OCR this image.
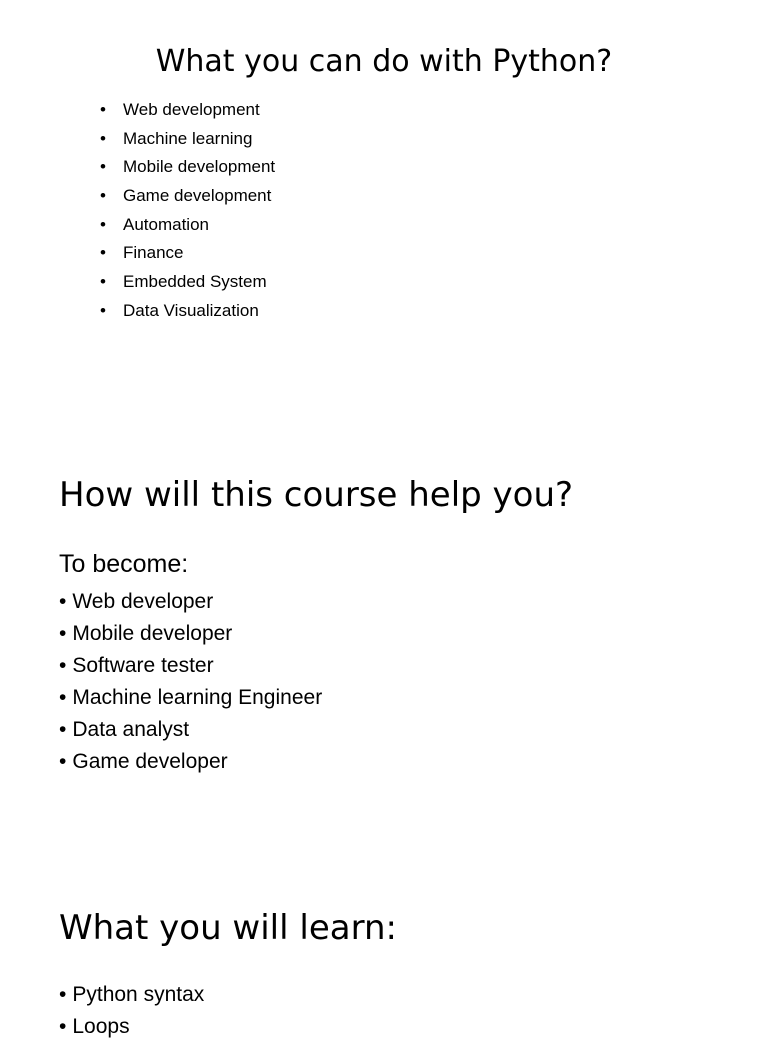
What you can do with Python?
• Web development
• Machine learning
• Mobile development
• Game development
• Automation
• Finance
• Embedded System
• Data Visualization
How will this course help you?
To become:
• Web developer
• Mobile developer
• Software tester
• Machine learning Engineer
• Data analyst
• Game developer
What you will learn:
• Python syntax
• Loops
